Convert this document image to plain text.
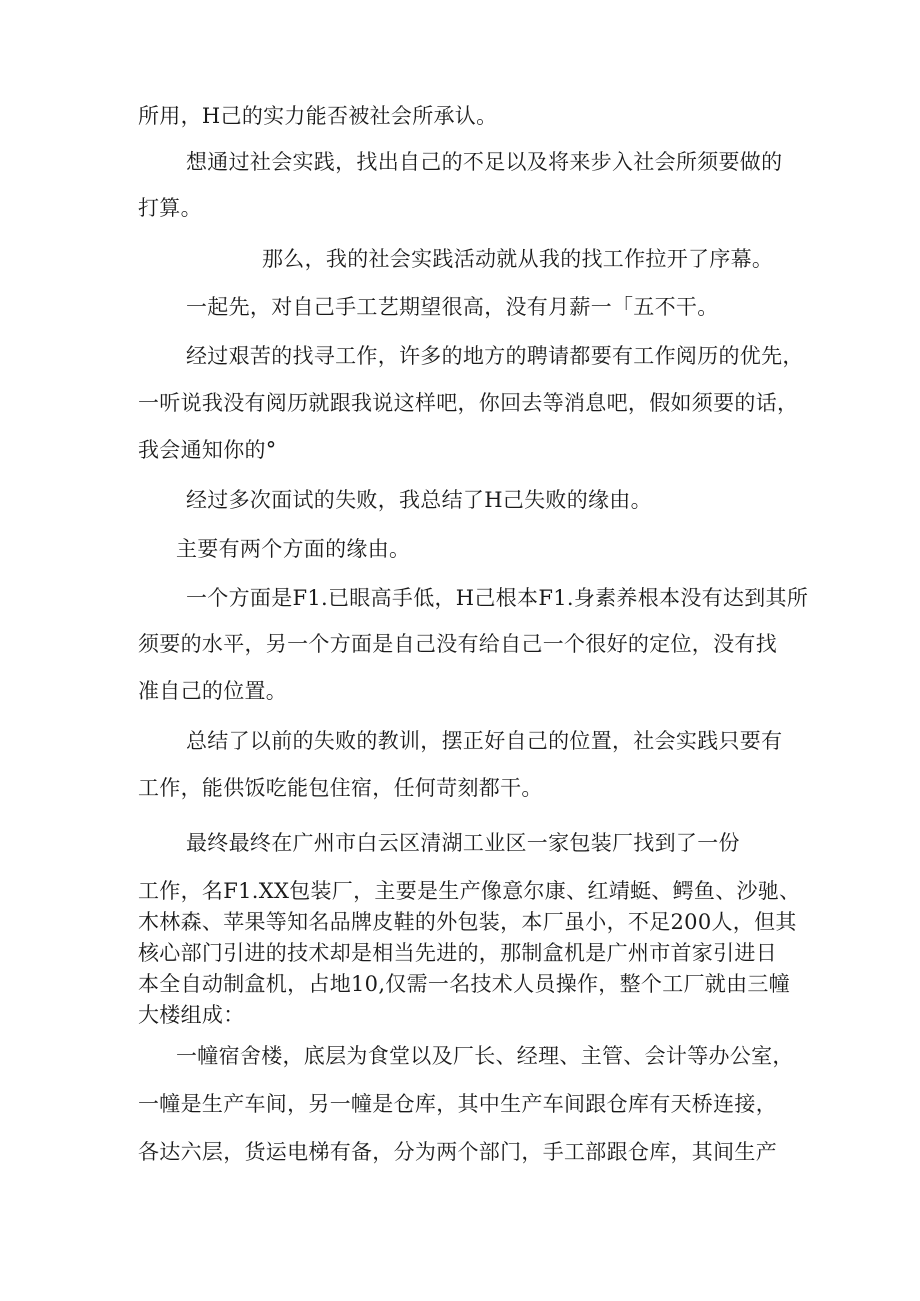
所用，H己的实力能否被社会所承认。
想通过社会实践，找出自己的不足以及将来步入社会所须要做的
打算。
那么，我的社会实践活动就从我的找工作拉开了序幕。
一起先，对自己手工艺期望很高，没有月薪一「五不干。
经过艰苦的找寻工作，许多的地方的聘请都要有工作阅历的优先，
一听说我没有阅历就跟我说这样吧，你回去等消息吧，假如须要的话，
我会通知你的°
经过多次面试的失败，我总结了H己失败的缘由。
主要有两个方面的缘由。
一个方面是F1.已眼高手低，H己根本F1.身素养根本没有达到其所
须要的水平，另一个方面是自己没有给自己一个很好的定位，没有找
准自己的位置。
总结了以前的失败的教训，摆正好自己的位置，社会实践只要有
工作，能供饭吃能包住宿，任何苛刻都干。
最终最终在广州市白云区清湖工业区一家包装厂找到了一份
工作，名F1.XX包装厂，主要是生产像意尔康、红靖蜓、鳄鱼、沙驰、
木林森、苹果等知名品牌皮鞋的外包装，本厂虽小，不足200人，但其
核心部门引进的技术却是相当先进的，那制盒机是广州市首家引进日
本全自动制盒机，占地10,仅需一名技术人员操作，整个工厂就由三幢
大楼组成：
一幢宿舍楼，底层为食堂以及厂长、经理、主管、会计等办公室，
一幢是生产车间，另一幢是仓库，其中生产车间跟仓库有天桥连接，
各达六层，货运电梯有备，分为两个部门，手工部跟仓库，其间生产
